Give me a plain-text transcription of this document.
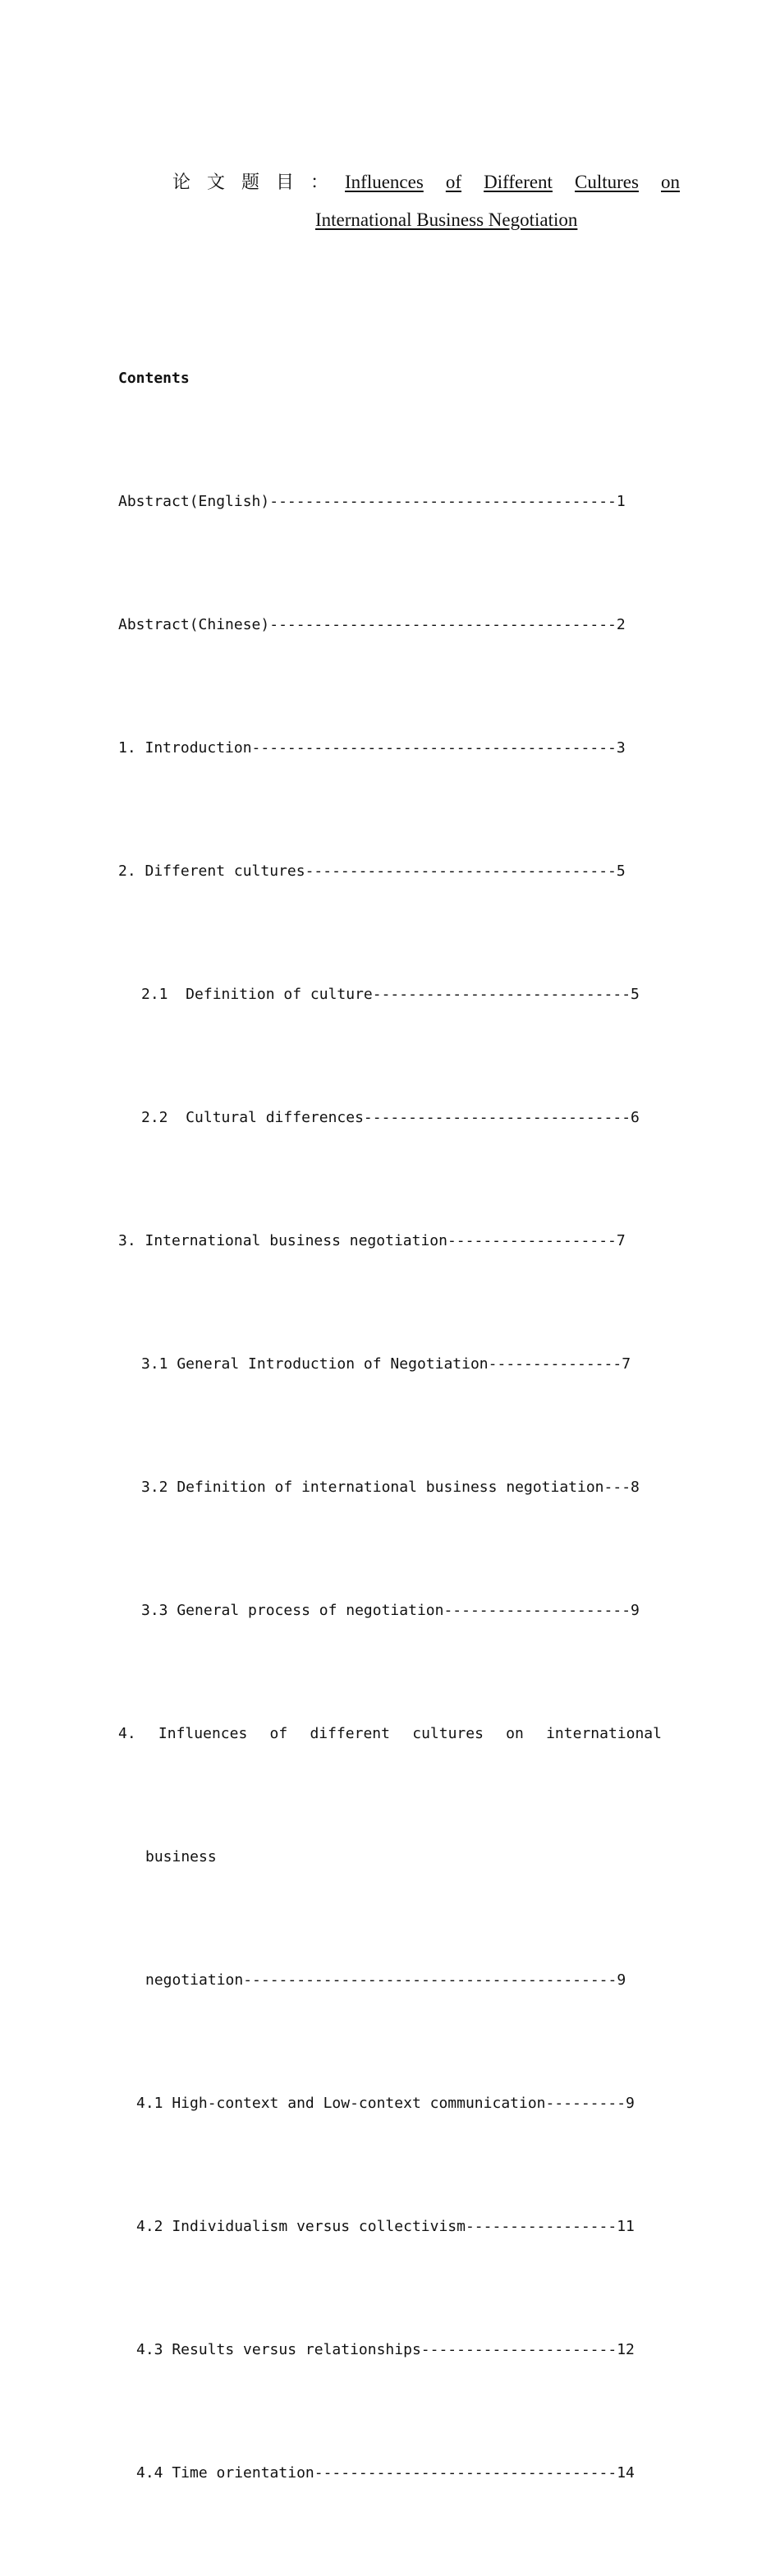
论文题目： Influences of Different Cultures on
International Business Negotiation

Contents

Abstract(English)---------------------------------------1

Abstract(Chinese)---------------------------------------2

1. Introduction-----------------------------------------3

2. Different cultures-----------------------------------5

2.1  Definition of culture-----------------------------5

2.2  Cultural differences------------------------------6

3. International business negotiation-------------------7

3.1 General Introduction of Negotiation---------------7

3.2 Definition of international business negotiation---8

3.3 General process of negotiation---------------------9

4. Influences of different cultures on international

business

negotiation------------------------------------------9

4.1 High-context and Low-context communication---------9

4.2 Individualism versus collectivism-----------------11

4.3 Results versus relationships----------------------12

4.4 Time orientation----------------------------------14
